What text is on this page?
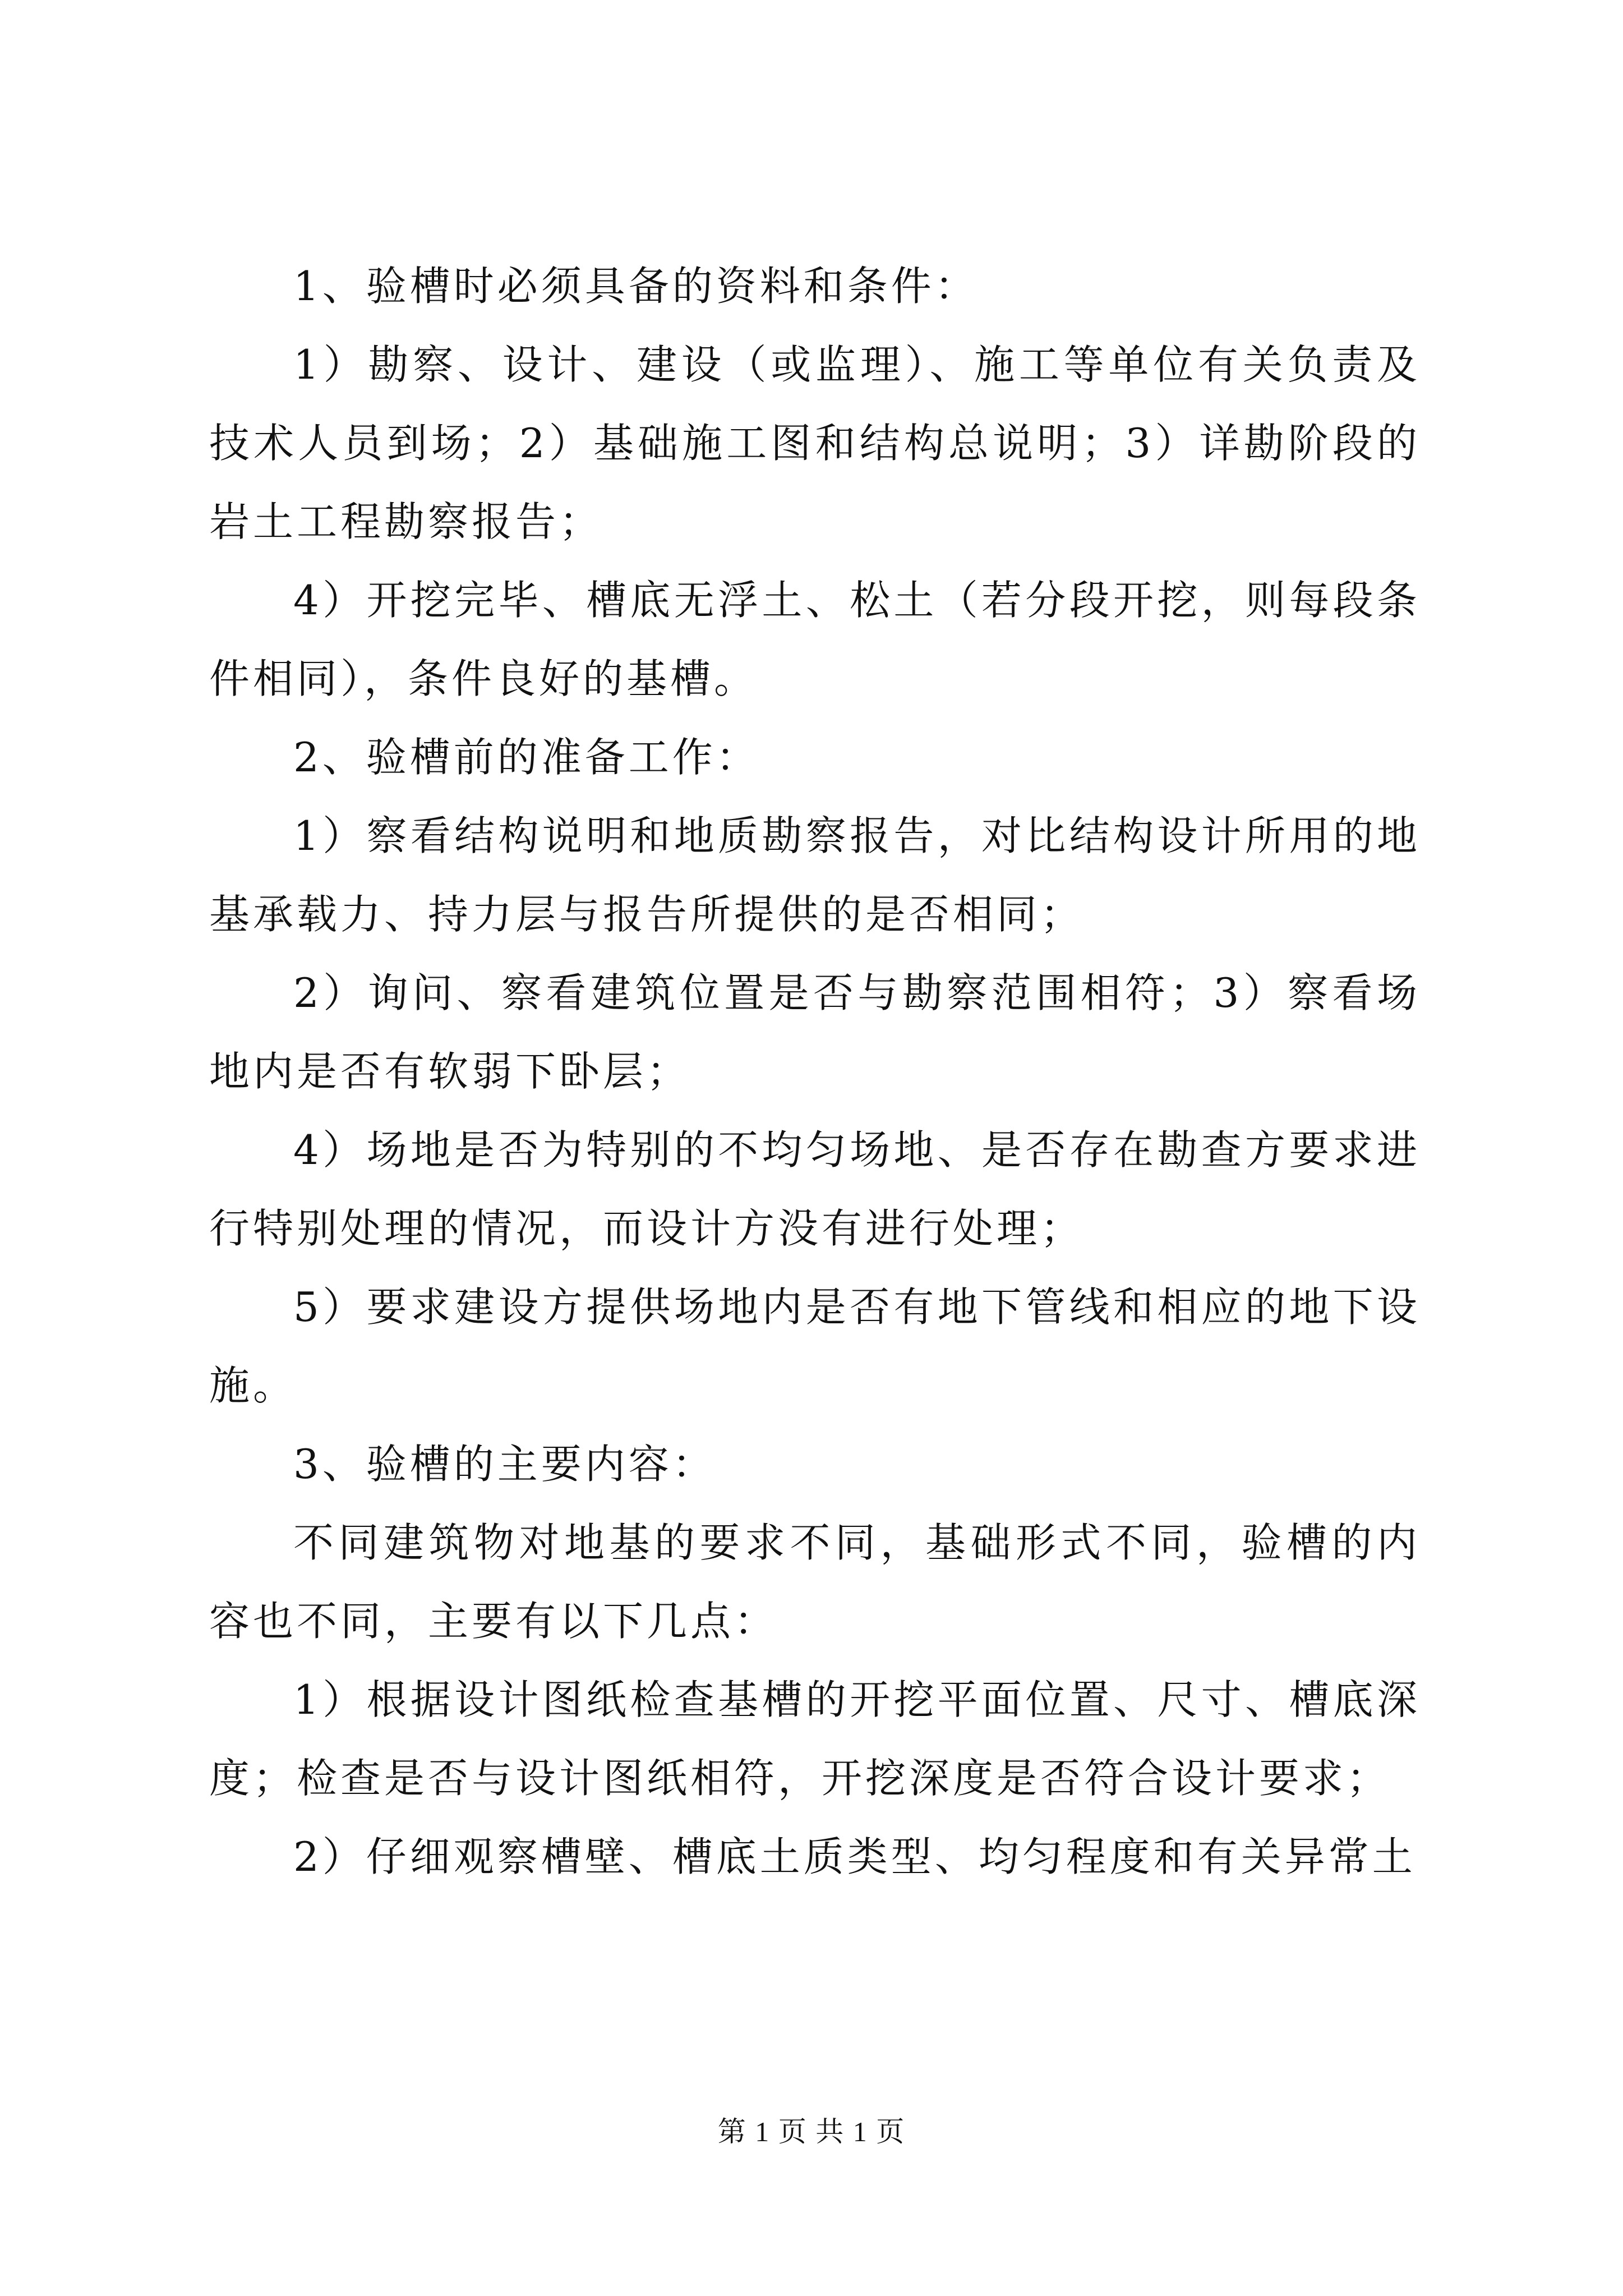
1、验槽时必须具备的资料和条件：

1）勘察、设计、建设（或监理）、施工等单位有关负责及技术人员到场；2）基础施工图和结构总说明；3）详勘阶段的岩土工程勘察报告；

4）开挖完毕、槽底无浮土、松土（若分段开挖，则每段条件相同），条件良好的基槽。

2、验槽前的准备工作：

1）察看结构说明和地质勘察报告，对比结构设计所用的地基承载力、持力层与报告所提供的是否相同；

2）询问、察看建筑位置是否与勘察范围相符；3）察看场地内是否有软弱下卧层；

4）场地是否为特别的不均匀场地、是否存在勘查方要求进行特别处理的情况，而设计方没有进行处理；

5）要求建设方提供场地内是否有地下管线和相应的地下设施。

3、验槽的主要内容：

不同建筑物对地基的要求不同，基础形式不同，验槽的内容也不同，主要有以下几点：

1）根据设计图纸检查基槽的开挖平面位置、尺寸、槽底深度；检查是否与设计图纸相符，开挖深度是否符合设计要求；

2）仔细观察槽壁、槽底土质类型、均匀程度和有关异常土

第 1 页 共 1 页
